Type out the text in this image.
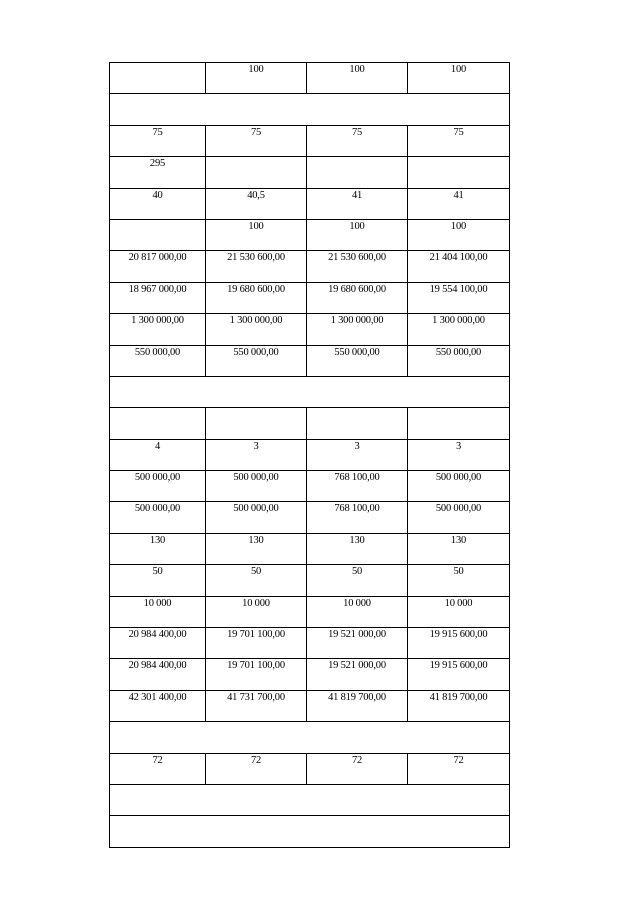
	100	100	100

75	75	75	75
295			
40	40,5	41	41
	100	100	100
20 817 000,00	21 530 600,00	21 530 600,00	21 404 100,00
18 967 000,00	19 680 600,00	19 680 600,00	19 554 100,00
1 300 000,00	1 300 000,00	1 300 000,00	1 300 000,00
550 000,00	550 000,00	550 000,00	550 000,00

4	3	3	3
500 000,00	500 000,00	768 100,00	500 000,00
500 000,00	500 000,00	768 100,00	500 000,00
130	130	130	130
50	50	50	50
10 000	10 000	10 000	10 000
20 984 400,00	19 701 100,00	19 521 000,00	19 915 600,00
20 984 400,00	19 701 100,00	19 521 000,00	19 915 600,00
42 301 400,00	41 731 700,00	41 819 700,00	41 819 700,00

72	72	72	72
